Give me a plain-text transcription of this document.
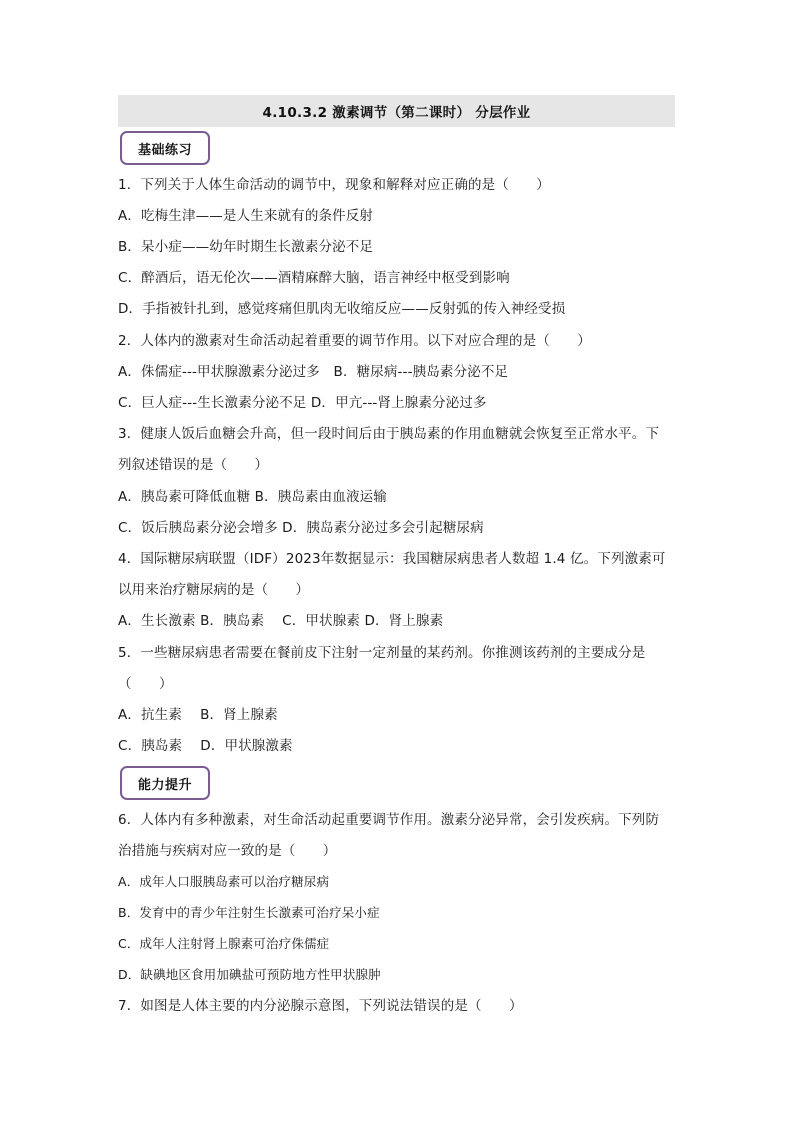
4.10.3.2 激素调节（第二课时） 分层作业
基础练习
1．下列关于人体生命活动的调节中，现象和解释对应正确的是（　　）
A．吃梅生津——是人生来就有的条件反射
B．呆小症——幼年时期生长激素分泌不足
C．醉酒后，语无伦次——酒精麻醉大脑，语言神经中枢受到影响
D．手指被针扎到，感觉疼痛但肌肉无收缩反应——反射弧的传入神经受损
2．人体内的激素对生命活动起着重要的调节作用。以下对应合理的是（　　）
A．侏儒症---甲状腺激素分泌过多　B．糖尿病---胰岛素分泌不足
C．巨人症---生长激素分泌不足 D．甲亢---肾上腺素分泌过多
3．健康人饭后血糖会升高，但一段时间后由于胰岛素的作用血糖就会恢复至正常水平。下
列叙述错误的是（　　）
A．胰岛素可降低血糖 B．胰岛素由血液运输
C．饭后胰岛素分泌会增多 D．胰岛素分泌过多会引起糖尿病
4．国际糖尿病联盟（IDF）2023年数据显示：我国糖尿病患者人数超 1.4 亿。下列激素可
以用来治疗糖尿病的是（　　）
A．生长激素 B．胰岛素　 C．甲状腺素 D．肾上腺素
5．一些糖尿病患者需要在餐前皮下注射一定剂量的某药剂。你推测该药剂的主要成分是
（　　）
A．抗生素　 B．肾上腺素
C．胰岛素　 D．甲状腺激素
能力提升
6．人体内有多种激素，对生命活动起重要调节作用。激素分泌异常，会引发疾病。下列防
治措施与疾病对应一致的是（　　）
A．成年人口服胰岛素可以治疗糖尿病
B．发育中的青少年注射生长激素可治疗呆小症
C．成年人注射肾上腺素可治疗侏儒症
D．缺碘地区食用加碘盐可预防地方性甲状腺肿
7．如图是人体主要的内分泌腺示意图，下列说法错误的是（　　）
